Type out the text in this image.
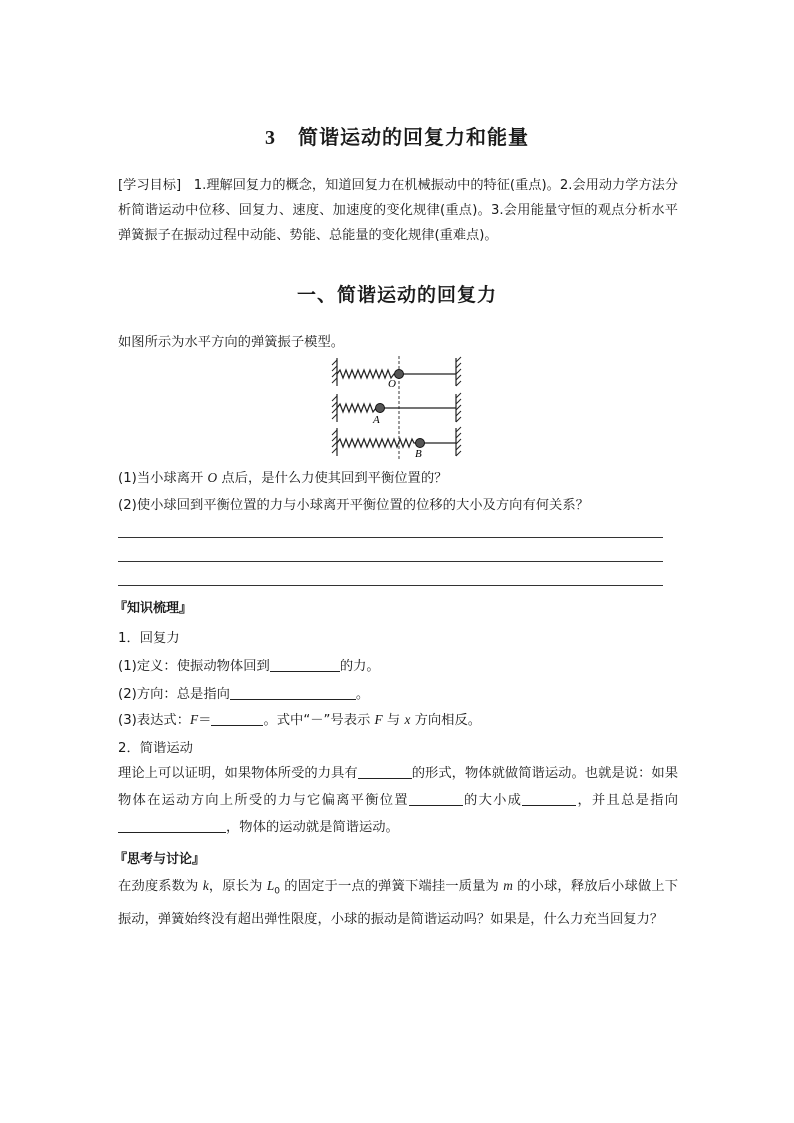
3 简谐运动的回复力和能量
[学习目标] 1.理解回复力的概念，知道回复力在机械振动中的特征(重点)。2.会用动力学方法分析简谐运动中位移、回复力、速度、加速度的变化规律(重点)。3.会用能量守恒的观点分析水平弹簧振子在振动过程中动能、势能、总能量的变化规律(重难点)。
一、简谐运动的回复力
如图所示为水平方向的弹簧振子模型。
O
A
B
(1)当小球离开 O 点后，是什么力使其回到平衡位置的？
(2)使小球回到平衡位置的力与小球离开平衡位置的位移的大小及方向有何关系？
『知识梳理』
1．回复力
(1)定义：使振动物体回到	的力。
(2)方向：总是指向	。
(3)表达式：F＝	。式中“－”号表示 F 与 x 方向相反。
2．简谐运动
理论上可以证明，如果物体所受的力具有	的形式，物体就做简谐运动。也就是说：如果物体在运动方向上所受的力与它偏离平衡位置	的大小成	，并且总是指向，物体的运动就是简谐运动。
『思考与讨论』
在劲度系数为 k，原长为 $L_0$ 的固定于一点的弹簧下端挂一质量为 m 的小球，释放后小球做上下振动，弹簧始终没有超出弹性限度，小球的振动是简谐运动吗？如果是，什么力充当回复力？
